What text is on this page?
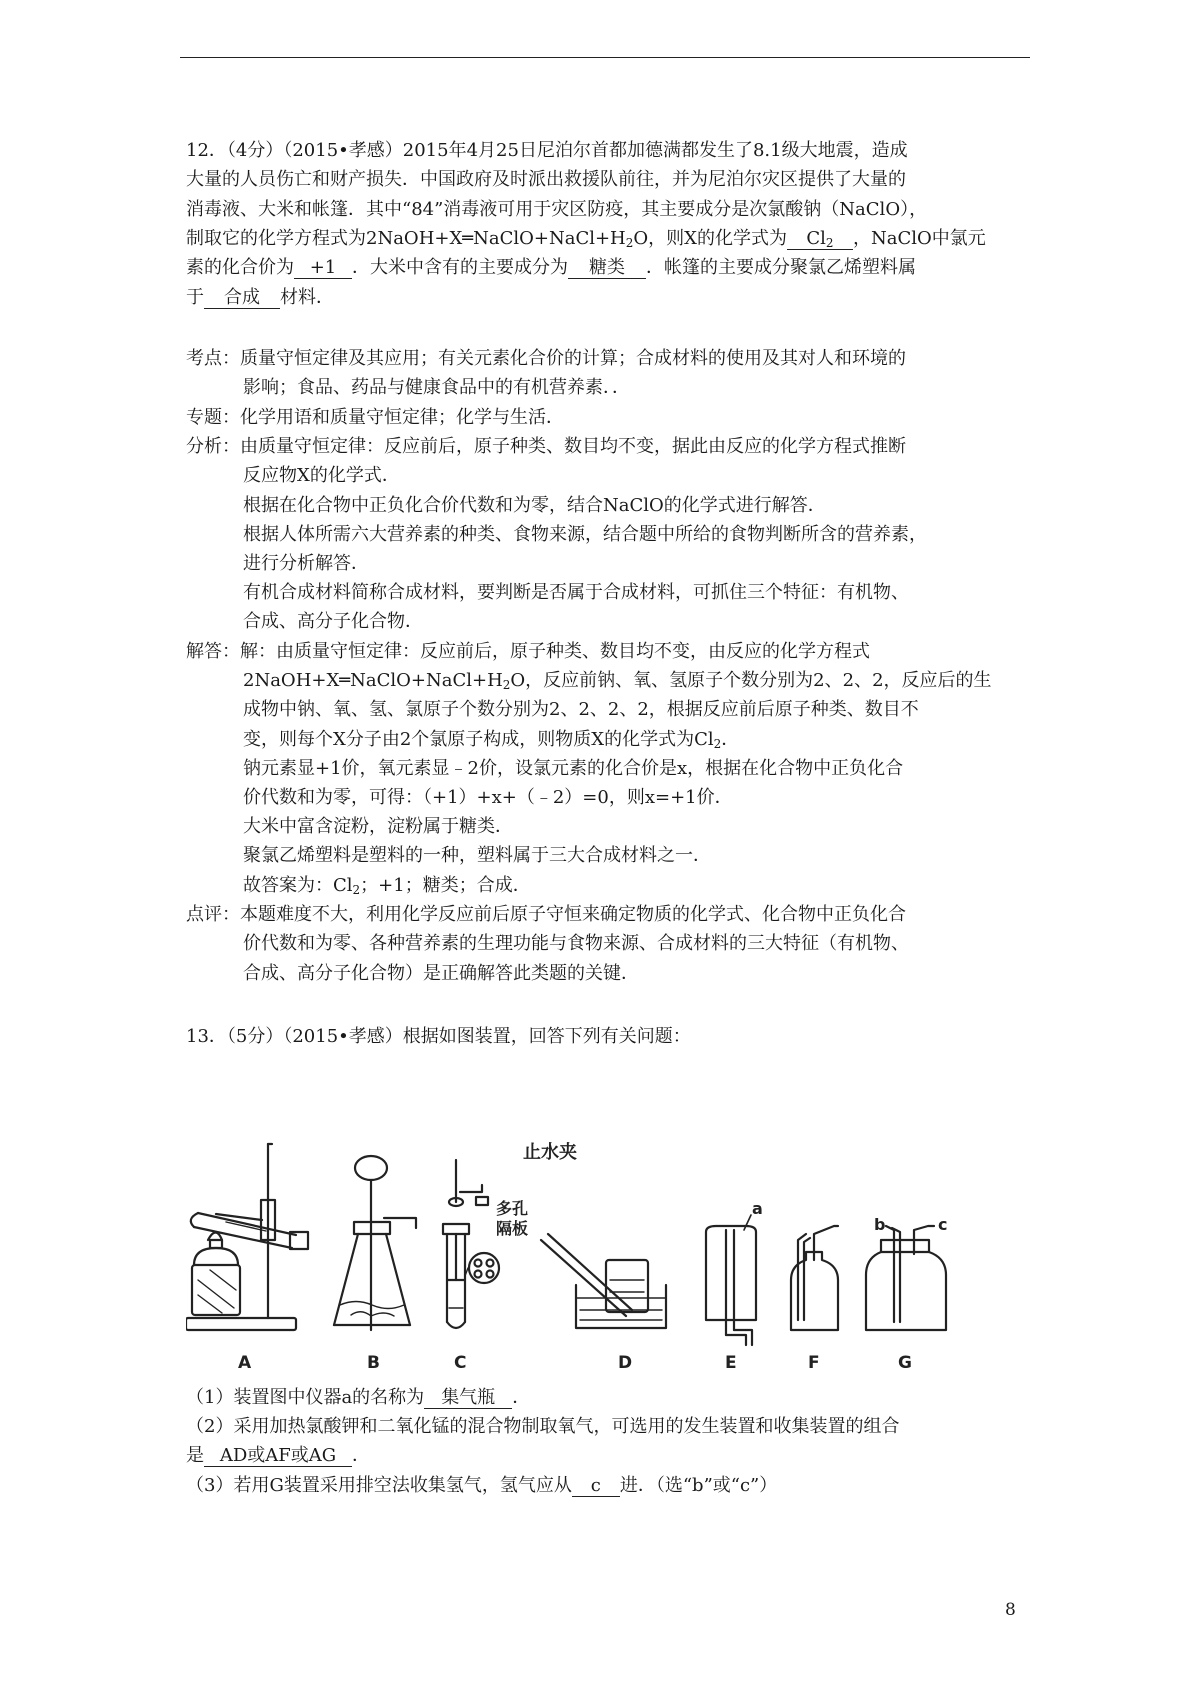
12．（4分）（2015•孝感）2015年4月25日尼泊尔首都加德满都发生了8.1级大地震，造成
大量的人员伤亡和财产损失．中国政府及时派出救援队前往，并为尼泊尔灾区提供了大量的
消毒液、大米和帐篷．其中“84”消毒液可用于灾区防疫，其主要成分是次氯酸钠（NaClO），
制取它的化学方程式为$2NaOH+X═NaClO+NaCl+H_2O$，则X的化学式为 $Cl_2$ ，NaClO中氯元
素的化合价为 +1 ．大米中含有的主要成分为 糖类 ．帐篷的主要成分聚氯乙烯塑料属
于 合成 材料．
考点：质量守恒定律及其应用；有关元素化合价的计算；合成材料的使用及其对人和环境的
影响；食品、药品与健康食品中的有机营养素．．
专题：化学用语和质量守恒定律；化学与生活．
分析：由质量守恒定律：反应前后，原子种类、数目均不变，据此由反应的化学方程式推断
反应物X的化学式．
根据在化合物中正负化合价代数和为零，结合NaClO的化学式进行解答．
根据人体所需六大营养素的种类、食物来源，结合题中所给的食物判断所含的营养素，
进行分析解答．
有机合成材料简称合成材料，要判断是否属于合成材料，可抓住三个特征：有机物、
合成、高分子化合物．
解答：解：由质量守恒定律：反应前后，原子种类、数目均不变，由反应的化学方程式
$2NaOH+X═NaClO+NaCl+H_2O$，反应前钠、氧、氢原子个数分别为2、2、2，反应后的生
成物中钠、氧、氢、氯原子个数分别为2、2、2、2，根据反应前后原子种类、数目不
变，则每个X分子由2个氯原子构成，则物质X的化学式为$Cl_2$．
钠元素显+1价，氧元素显﹣2价，设氯元素的化合价是x，根据在化合物中正负化合
价代数和为零，可得：（+1）+x+（﹣2）=0，则x=+1价．
大米中富含淀粉，淀粉属于糖类．
聚氯乙烯塑料是塑料的一种，塑料属于三大合成材料之一．
故答案为：$Cl_2$；+1；糖类；合成．
点评：本题难度不大，利用化学反应前后原子守恒来确定物质的化学式、化合物中正负化合
价代数和为零、各种营养素的生理功能与食物来源、合成材料的三大特征（有机物、
合成、高分子化合物）是正确解答此类题的关键．
13．（5分）（2015•孝感）根据如图装置，回答下列有关问题：
止水夹
多孔
隔板
a
b	c
A	B	C	D	E	F	G
（1）装置图中仪器a的名称为 集气瓶 ．
（2）采用加热氯酸钾和二氧化锰的混合物制取氧气，可选用的发生装置和收集装置的组合
是 AD或AF或AG ．
（3）若用G装置采用排空法收集氢气，氢气应从 c 进．（选“b”或“c”）
8
